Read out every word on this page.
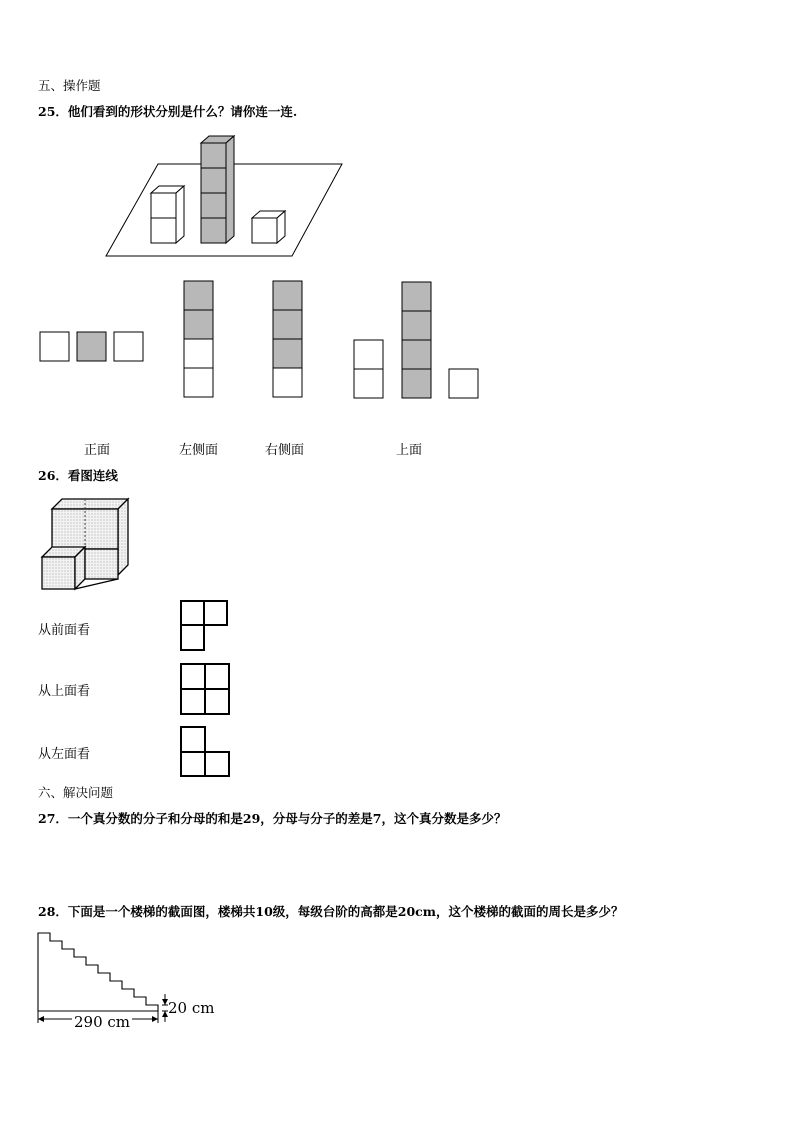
五、操作题
25．他们看到的形状分别是什么？请你连一连.
正面	左侧面	右侧面	上面
26．看图连线
从前面看
从上面看
从左面看
六、解决问题
27．一个真分数的分子和分母的和是29，分母与分子的差是7，这个真分数是多少？
28．下面是一个楼梯的截面图，楼梯共10级，每级台阶的高都是20cm，这个楼梯的截面的周长是多少？
290 cm
20 cm
